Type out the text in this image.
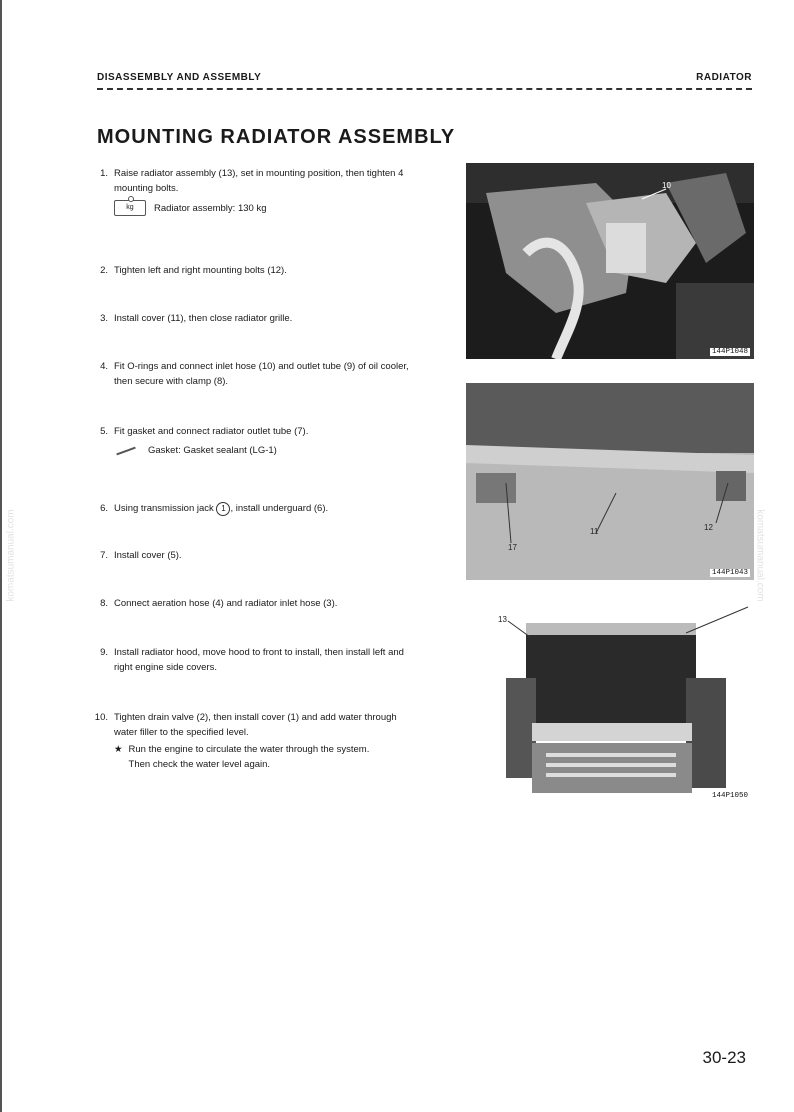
DISASSEMBLY AND ASSEMBLY	RADIATOR
MOUNTING RADIATOR ASSEMBLY
1. Raise radiator assembly (13), set in mounting position, then tighten 4 mounting bolts.
kg	Radiator assembly: 130 kg
2. Tighten left and right mounting bolts (12).
3. Install cover (11), then close radiator grille.
4. Fit O-rings and connect inlet hose (10) and outlet tube (9) of oil cooler, then secure with clamp (8).
5. Fit gasket and connect radiator outlet tube (7).
Gasket: Gasket sealant (LG-1)
6. Using transmission jack 1 , install underguard (6).
7. Install cover (5).
8. Connect aeration hose (4) and radiator inlet hose (3).
9. Install radiator hood, move hood to front to install, then install left and right engine side covers.
10. Tighten drain valve (2), then install cover (1) and add water through water filler to the specified level.
★ Run the engine to circulate the water through the system.
Then check the water level again.
10
144P1048
17
11	12
144P1043
13
144P1050
komatsumanual.com	komatsumanual.com
30-23
